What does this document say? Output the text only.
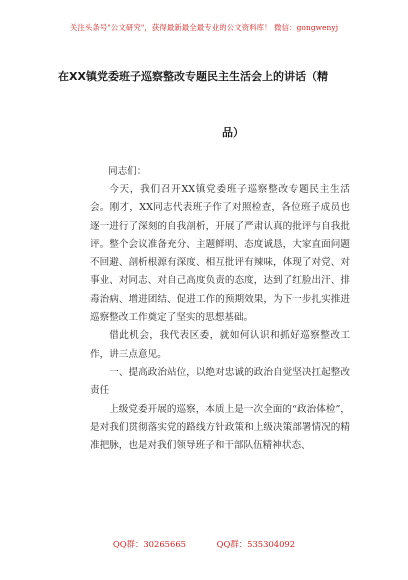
关注头条号"公文研究"，获得最新最全最专业的公文资料库！ 微信：gongwenyj
在XX镇党委班子巡察整改专题民主生活会上的讲话（精
品）
同志们：

今天，我们召开XX镇党委班子巡察整改专题民主生活会。刚才，XX同志代表班子作了对照检查，各位班子成员也逐一进行了深刻的自我剖析，开展了严肃认真的批评与自我批评。整个会议准备充分、主题鲜明、态度诚恳，大家直面问题不回避、剖析根源有深度、相互批评有辣味，体现了对党、对事业、对同志、对自己高度负责的态度，达到了红脸出汗、排毒治病、增进团结、促进工作的预期效果，为下一步扎实推进巡察整改工作奠定了坚实的思想基础。

借此机会，我代表区委，就如何认识和抓好巡察整改工作，讲三点意见。

一、提高政治站位，以绝对忠诚的政治自觉坚决扛起整改责任

上级党委开展的巡察，本质上是一次全面的“政治体检”，是对我们贯彻落实党的路线方针政策和上级决策部署情况的精准把脉，也是对我们领导班子和干部队伍精神状态、

QQ群：30265665	QQ群：535304092
